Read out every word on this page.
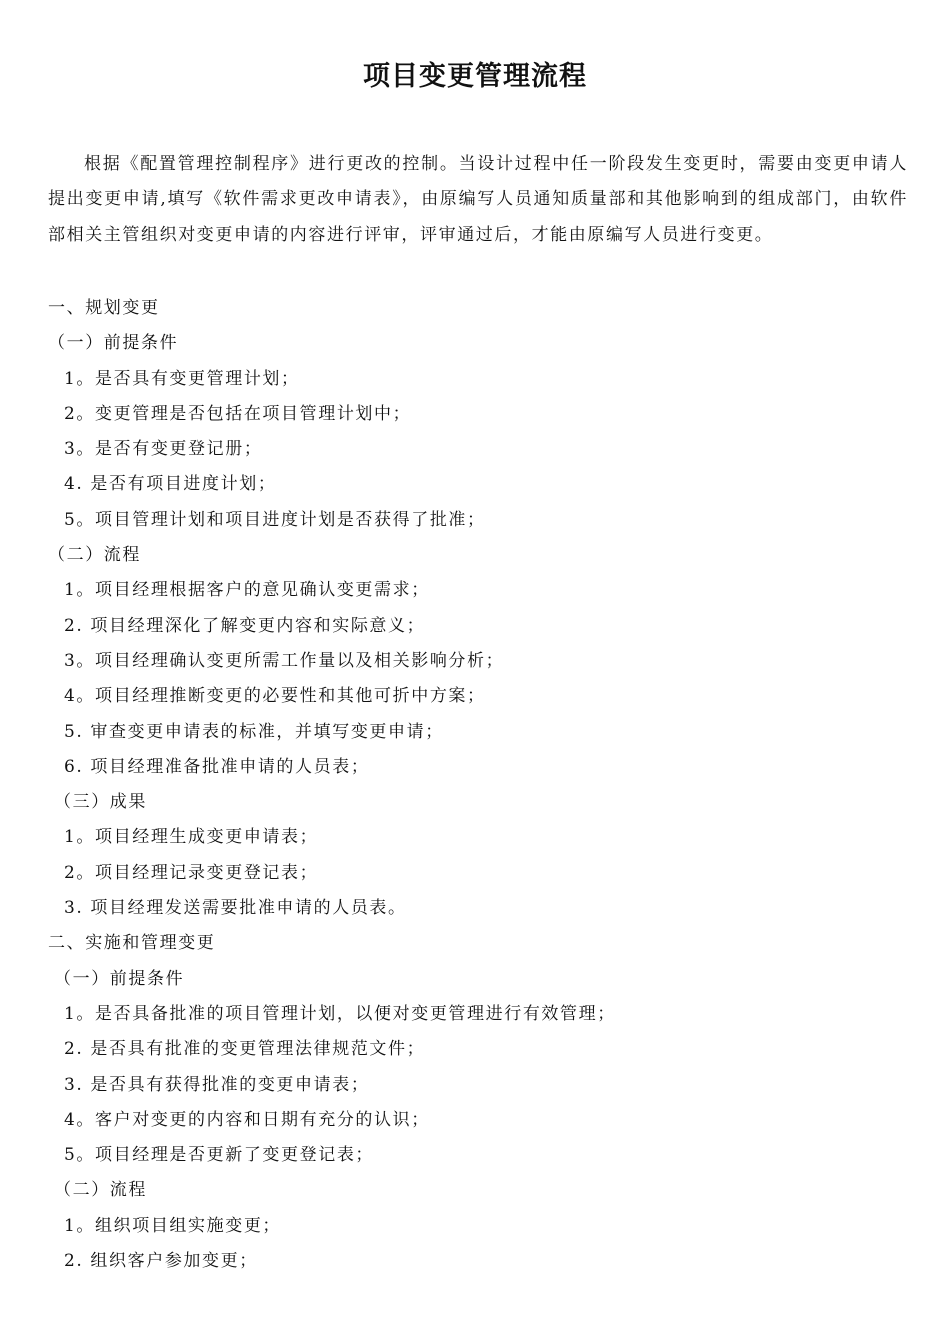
项目变更管理流程

根据《配置管理控制程序》进行更改的控制。当设计过程中任一阶段发生变更时，需要由变更申请人提出变更申请,填写《软件需求更改申请表》，由原编写人员通知质量部和其他影响到的组成部门，由软件部相关主管组织对变更申请的内容进行评审，评审通过后，才能由原编写人员进行变更。

一、规划变更
（一）前提条件
1。是否具有变更管理计划；
2。变更管理是否包括在项目管理计划中；
3。是否有变更登记册；
4. 是否有项目进度计划；
5。项目管理计划和项目进度计划是否获得了批准；
（二）流程
1。项目经理根据客户的意见确认变更需求；
2. 项目经理深化了解变更内容和实际意义；
3。项目经理确认变更所需工作量以及相关影响分析；
4。项目经理推断变更的必要性和其他可折中方案；
5. 审查变更申请表的标准，并填写变更申请；
6. 项目经理准备批准申请的人员表；
（三）成果
1。项目经理生成变更申请表；
2。项目经理记录变更登记表；
3. 项目经理发送需要批准申请的人员表。
二、实施和管理变更
（一）前提条件
1。是否具备批准的项目管理计划，以便对变更管理进行有效管理；
2. 是否具有批准的变更管理法律规范文件；
3. 是否具有获得批准的变更申请表；
4。客户对变更的内容和日期有充分的认识；
5。项目经理是否更新了变更登记表；
（二）流程
1。组织项目组实施变更；
2. 组织客户参加变更；
